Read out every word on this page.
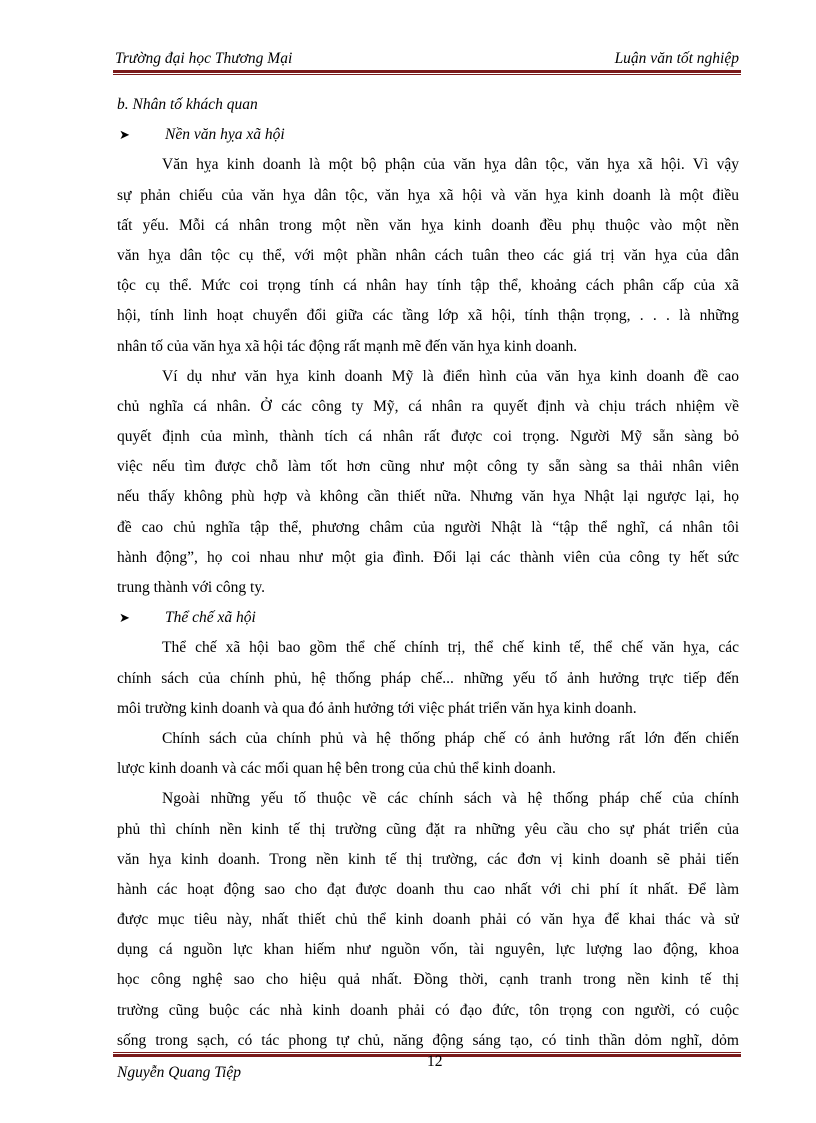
Trường đại học Thương Mại	Luận văn tốt nghiệp
b. Nhân tố khách quan
➤ Nền văn hỵa xã hội
Văn hỵa kinh doanh là một bộ phận của văn hỵa dân tộc, văn hỵa xã hội. Vì vậy
sự phản chiếu của văn hỵa dân tộc, văn hỵa xã hội và văn hỵa kinh doanh là một điều
tất yếu. Mỗi cá nhân trong một nền văn hỵa kinh doanh đều phụ thuộc vào một nền
văn hỵa dân tộc cụ thể, với một phần nhân cách tuân theo các giá trị văn hỵa của dân
tộc cụ thể. Mức coi trọng tính cá nhân hay tính tập thể, khoảng cách phân cấp của xã
hội, tính linh hoạt chuyển đổi giữa các tầng lớp xã hội, tính thận trọng, . . . là những
nhân tố của văn hỵa xã hội tác động rất mạnh mẽ đến văn hỵa kinh doanh.
Ví dụ như văn hỵa kinh doanh Mỹ là điển hình của văn hỵa kinh doanh đề cao
chủ nghĩa cá nhân. Ở các công ty Mỹ, cá nhân ra quyết định và chịu trách nhiệm về
quyết định của mình, thành tích cá nhân rất được coi trọng. Người Mỹ sẵn sàng bỏ
việc nếu tìm được chỗ làm tốt hơn cũng như một công ty sẵn sàng sa thải nhân viên
nếu thấy không phù hợp và không cần thiết nữa. Nhưng văn hỵa Nhật lại ngược lại, họ
đề cao chủ nghĩa tập thể, phương châm của người Nhật là “tập thể nghĩ, cá nhân tôi
hành động”, họ coi nhau như một gia đình. Đổi lại các thành viên của công ty hết sức
trung thành với công ty.
➤ Thể chế xã hội
Thể chế xã hội bao gồm thể chế chính trị, thể chế kinh tế, thể chế văn hỵa, các
chính sách của chính phủ, hệ thống pháp chế... những yếu tố ảnh hưởng trực tiếp đến
môi trường kinh doanh và qua đó ảnh hưởng tới việc phát triển văn hỵa kinh doanh.
Chính sách của chính phủ và hệ thống pháp chế có ảnh hưởng rất lớn đến chiến
lược kinh doanh và các mối quan hệ bên trong của chủ thể kinh doanh.
Ngoài những yếu tố thuộc về các chính sách và hệ thống pháp chế của chính
phủ thì chính nền kinh tế thị trường cũng đặt ra những yêu cầu cho sự phát triển của
văn hỵa kinh doanh. Trong nền kinh tế thị trường, các đơn vị kinh doanh sẽ phải tiến
hành các hoạt động sao cho đạt được doanh thu cao nhất với chi phí ít nhất. Để làm
được mục tiêu này, nhất thiết chủ thể kinh doanh phải có văn hỵa để khai thác và sử
dụng cá nguồn lực khan hiếm như nguồn vốn, tài nguyên, lực lượng lao động, khoa
học công nghệ sao cho hiệu quả nhất. Đồng thời, cạnh tranh trong nền kinh tế thị
trường cũng buộc các nhà kinh doanh phải có đạo đức, tôn trọng con người, có cuộc
sống trong sạch, có tác phong tự chủ, năng động sáng tạo, có tinh thần dỏm nghĩ, dỏm
12
Nguyễn Quang Tiệp
